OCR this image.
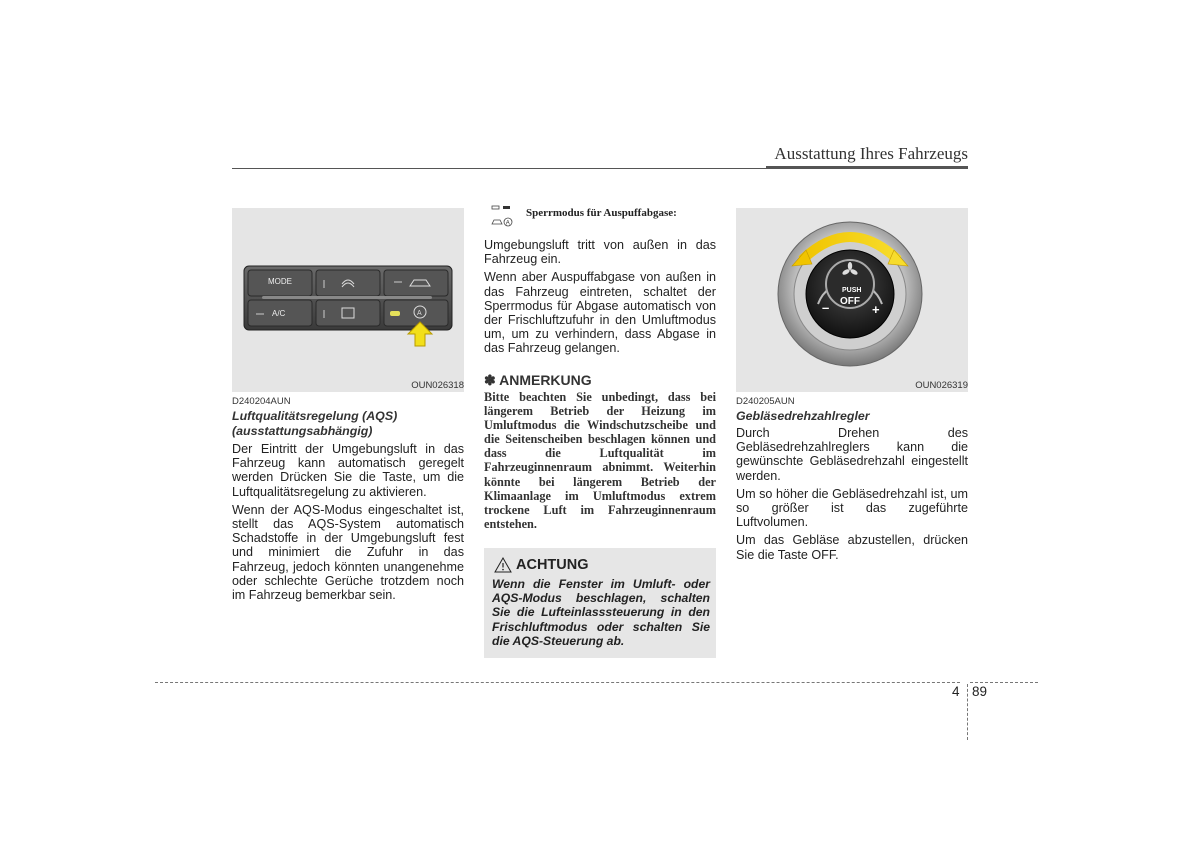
Ausstattung Ihres Fahrzeugs
MODE
A/C	A
OUN026318
D240204AUN
Luftqualitätsregelung (AQS)
(ausstattungsabhängig)

Der Eintritt der Umgebungsluft in das Fahrzeug kann automatisch geregelt werden Drücken Sie die Taste, um die Luftqualitätsregelung zu aktivieren.

Wenn der AQS-Modus eingeschaltet ist, stellt das AQS-System automatisch Schadstoffe in der Umgebungsluft fest und minimiert die Zufuhr in das Fahrzeug, jedoch könnten unangenehme oder schlechte Gerüche trotzdem noch im Fahrzeug bemerkbar sein.

A
Sperrmodus für Auspuffabgase:

Umgebungsluft tritt von außen in das Fahrzeug ein.

Wenn aber Auspuffabgase von außen in das Fahrzeug eintreten, schaltet der Sperrmodus für Abgase automatisch von der Frischluftzufuhr in den Umluftmodus um, um zu verhindern, dass Abgase in das Fahrzeug gelangen.

✽ ANMERKUNG
Bitte beachten Sie unbedingt, dass bei längerem Betrieb der Heizung im Umluftmodus die Windschutzscheibe und die Seitenscheiben beschlagen können und dass die Luftqualität im Fahrzeuginnenraum abnimmt. Weiterhin könnte bei längerem Betrieb der Klimaanlage im Umluftmodus extrem trockene Luft im Fahrzeuginnenraum entstehen.
ACHTUNG
Wenn die Fenster im Umluft- oder AQS-Modus beschlagen, schalten Sie die Lufteinlasssteuerung in den Frischluftmodus oder schalten Sie die AQS-Steuerung ab.
PUSH
OFF
–	+
OUN026319
D240205AUN
Gebläsedrehzahlregler

Durch Drehen des Gebläsedrehzahlreglers kann die gewünschte Gebläsedrehzahl eingestellt werden.

Um so höher die Gebläsedrehzahl ist, um so größer ist das zugeführte Luftvolumen.

Um das Gebläse abzustellen, drücken Sie die Taste OFF.

4 89
